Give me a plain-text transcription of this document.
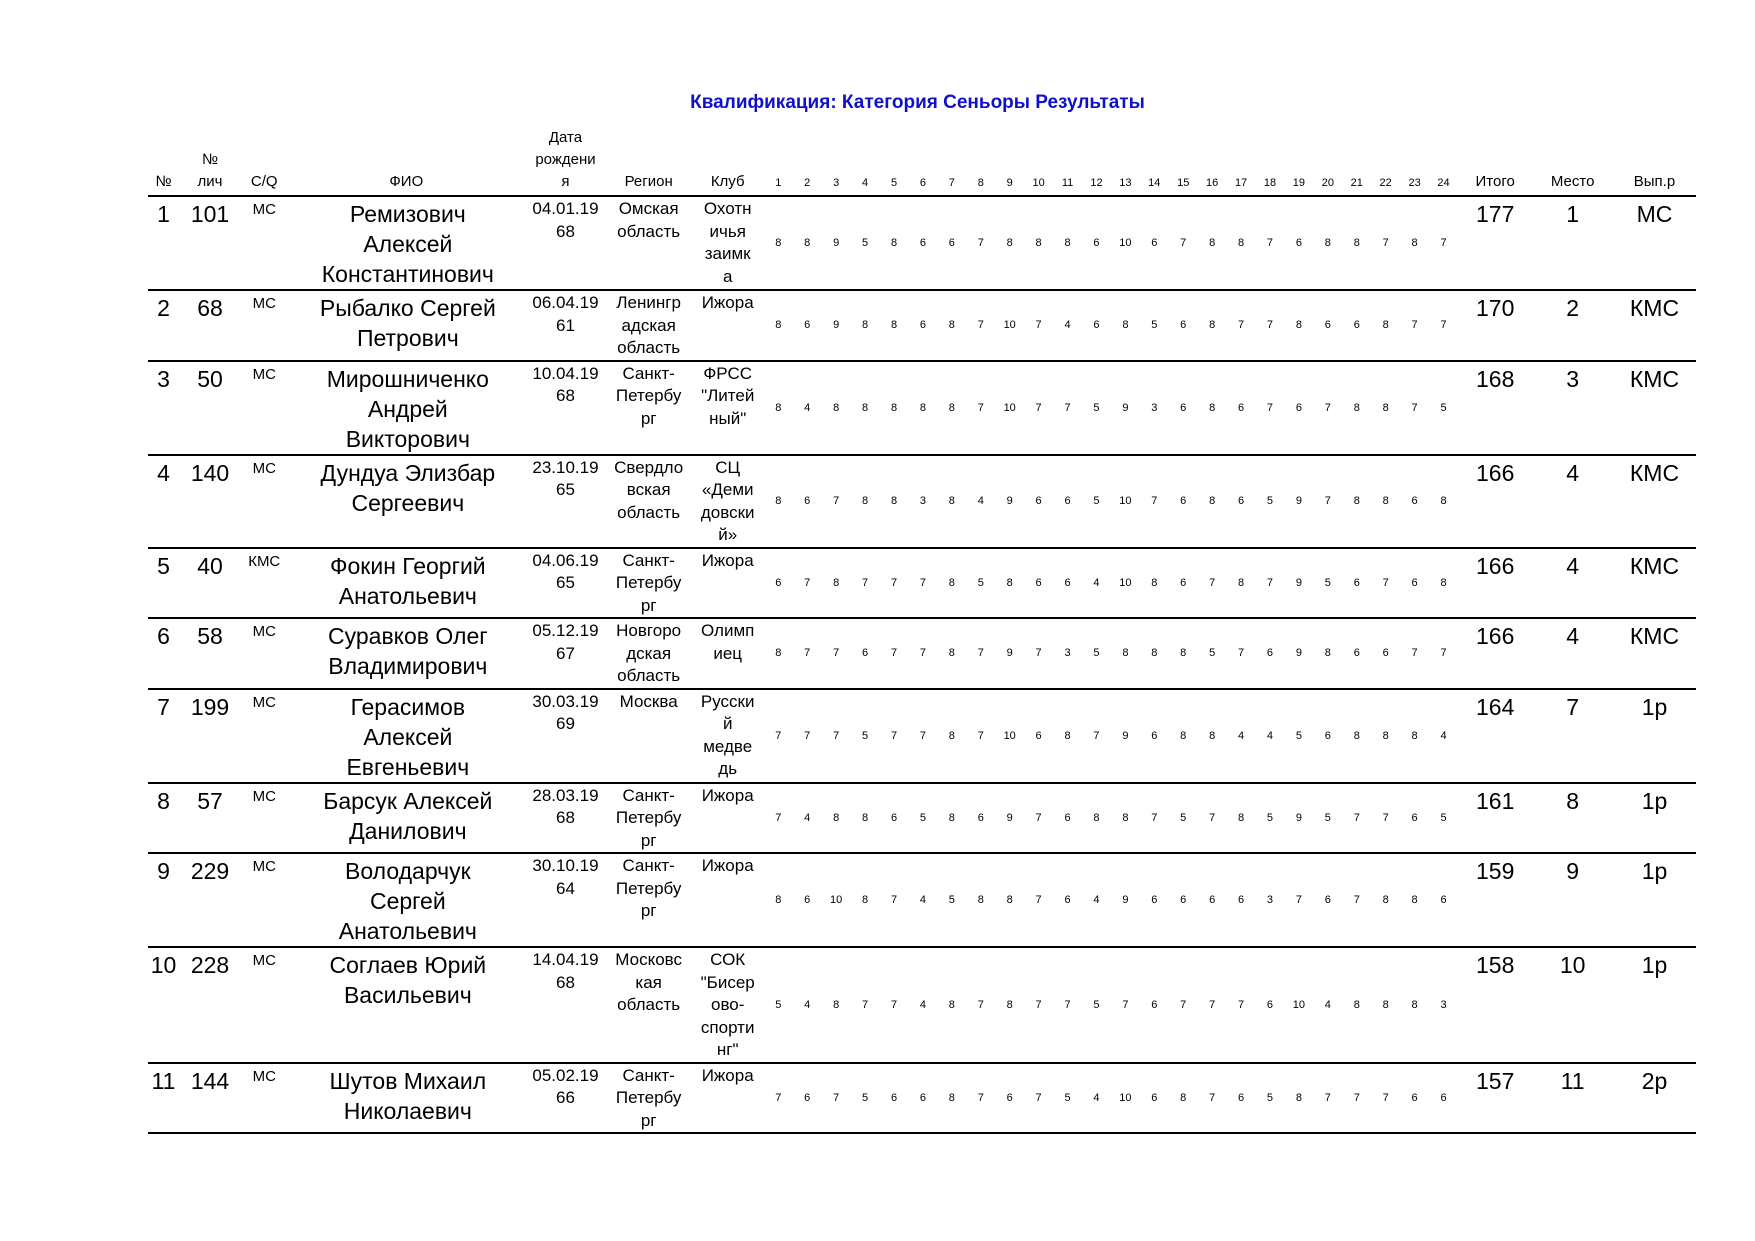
Квалификация: Категория Сеньоры Результаты
№	№
лич	С/Q	ФИО	Дата
рождени
я	Регион	Клуб	1	2	3	4	5	6	7	8	9	10	11	12	13	14	15	16	17	18	19	20	21	22	23	24	Итого	Место	Вып.р
1	101	МС	Ремизович
Алексей
Константинович	04.01.19
68	Омская
область	Охотн
ичья
заимк
а	8	8	9	5	8	6	6	7	8	8	8	6	10	6	7	8	8	7	6	8	8	7	8	7	177	1	МС
2	68	МС	Рыбалко Сергей
Петрович	06.04.19
61	Ленингр
адская
область	Ижора	8	6	9	8	8	6	8	7	10	7	4	6	8	5	6	8	7	7	8	6	6	8	7	7	170	2	КМС
3	50	МС	Мирошниченко
Андрей
Викторович	10.04.19
68	Санкт-
Петербу
рг	ФРСС
"Литей
ный"	8	4	8	8	8	8	8	7	10	7	7	5	9	3	6	8	6	7	6	7	8	8	7	5	168	3	КМС
4	140	МС	Дундуа Элизбар
Сергеевич	23.10.19
65	Свердло
вская
область	СЦ
«Деми
довски
й»	8	6	7	8	8	3	8	4	9	6	6	5	10	7	6	8	6	5	9	7	8	8	6	8	166	4	КМС
5	40	КМС	Фокин Георгий
Анатольевич	04.06.19
65	Санкт-
Петербу
рг	Ижора	6	7	8	7	7	7	8	5	8	6	6	4	10	8	6	7	8	7	9	5	6	7	6	8	166	4	КМС
6	58	МС	Суравков Олег
Владимирович	05.12.19
67	Новгоро
дская
область	Олимп
иец	8	7	7	6	7	7	8	7	9	7	3	5	8	8	8	5	7	6	9	8	6	6	7	7	166	4	КМС
7	199	МС	Герасимов
Алексей
Евгеньевич	30.03.19
69	Москва	Русски
й
медве
дь	7	7	7	5	7	7	8	7	10	6	8	7	9	6	8	8	4	4	5	6	8	8	8	4	164	7	1р
8	57	МС	Барсук Алексей
Данилович	28.03.19
68	Санкт-
Петербу
рг	Ижора	7	4	8	8	6	5	8	6	9	7	6	8	8	7	5	7	8	5	9	5	7	7	6	5	161	8	1р
9	229	МС	Володарчук
Сергей
Анатольевич	30.10.19
64	Санкт-
Петербу
рг	Ижора	8	6	10	8	7	4	5	8	8	7	6	4	9	6	6	6	6	3	7	6	7	8	8	6	159	9	1р
10	228	МС	Соглаев Юрий
Васильевич	14.04.19
68	Московс
кая
область	СОК
"Бисер
ово-
спорти
нг"	5	4	8	7	7	4	8	7	8	7	7	5	7	6	7	7	7	6	10	4	8	8	8	3	158	10	1р
11	144	МС	Шутов Михаил
Николаевич	05.02.19
66	Санкт-
Петербу
рг	Ижора	7	6	7	5	6	6	8	7	6	7	5	4	10	6	8	7	6	5	8	7	7	7	6	6	157	11	2р
